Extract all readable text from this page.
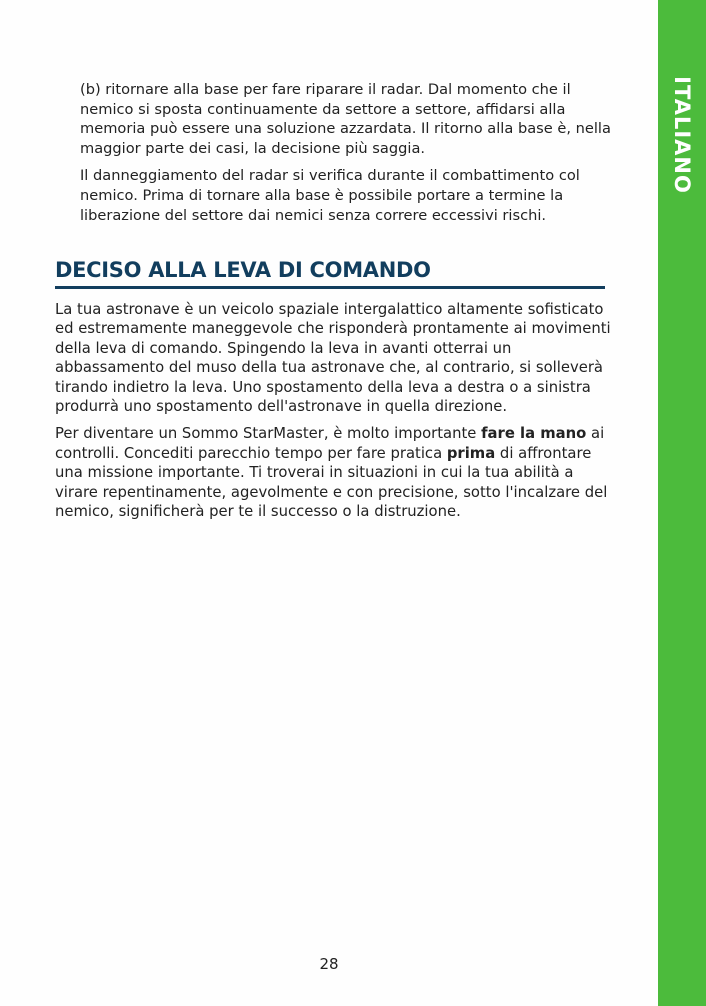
ITALIANO

(b) ritornare alla base per fare riparare il radar. Dal momento che il nemico si sposta continuamente da settore a settore, affidarsi alla memoria può essere una soluzione azzardata. Il ritorno alla base è, nella maggior parte dei casi, la decisione più saggia.

Il danneggiamento del radar si verifica durante il combattimento col nemico. Prima di tornare alla base è possibile portare a termine la liberazione del settore dai nemici senza correre eccessivi rischi.

DECISO ALLA LEVA DI COMANDO

La tua astronave è un veicolo spaziale intergalattico altamente sofisticato ed estremamente maneggevole che risponderà prontamente ai movimenti della leva di comando. Spingendo la leva in avanti otterrai un abbassamento del muso della tua astronave che, al contrario, si solleverà tirando indietro la leva. Uno spostamento della leva a destra o a sinistra produrrà uno spostamento dell'astronave in quella direzione.

Per diventare un Sommo StarMaster, è molto importante fare la mano ai controlli. Concediti parecchio tempo per fare pratica prima di affrontare una missione importante. Ti troverai in situazioni in cui la tua abilità a virare repentinamente, agevolmente e con precisione, sotto l'incalzare del nemico, significherà per te il successo o la distruzione.

28
